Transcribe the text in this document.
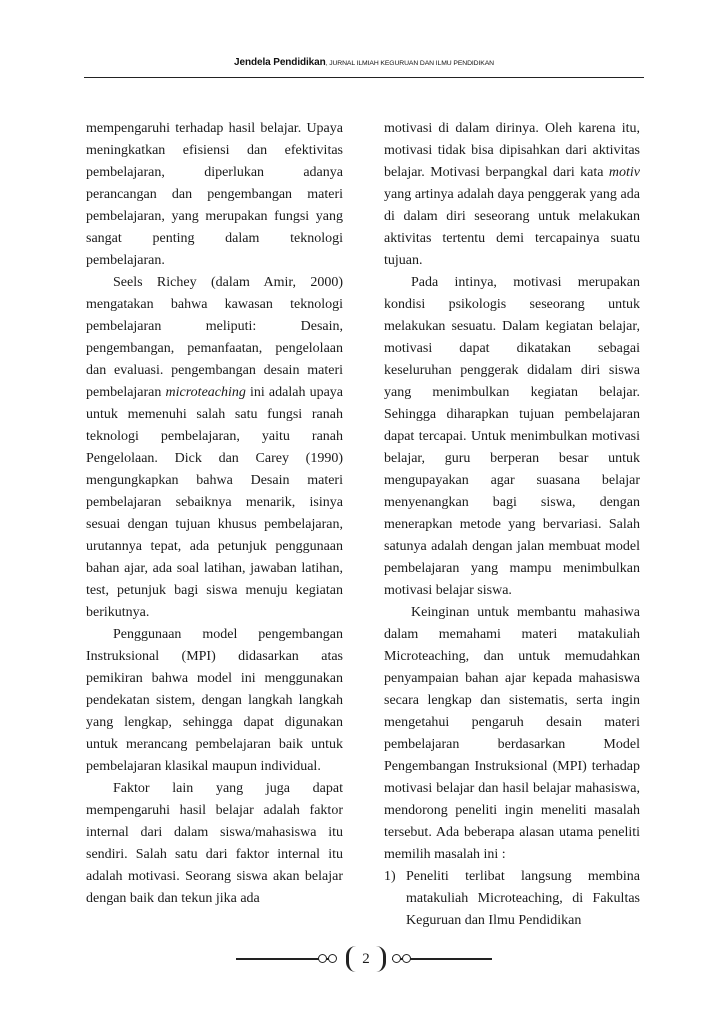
Jendela Pendidikan, JURNAL ILMIAH KEGURUAN DAN ILMU PENDIDIKAN

mempengaruhi terhadap hasil belajar. Upaya meningkatkan efisiensi dan efektivitas pembelajaran, diperlukan adanya perancangan dan pengembangan materi pembelajaran, yang merupakan fungsi yang sangat penting dalam teknologi pembelajaran.

Seels Richey (dalam Amir, 2000) mengatakan bahwa kawasan teknologi pembelajaran meliputi: Desain, pengembangan, pemanfaatan, pengelolaan dan evaluasi. pengembangan desain materi pembelajaran microteaching ini adalah upaya untuk memenuhi salah satu fungsi ranah teknologi pembelajaran, yaitu ranah Pengelolaan. Dick dan Carey (1990) mengungkapkan bahwa Desain materi pembelajaran sebaiknya menarik, isinya sesuai dengan tujuan khusus pembelajaran, urutannya tepat, ada petunjuk penggunaan bahan ajar, ada soal latihan, jawaban latihan, test, petunjuk bagi siswa menuju kegiatan berikutnya.

Penggunaan model pengembangan Instruksional (MPI) didasarkan atas pemikiran bahwa model ini menggunakan pendekatan sistem, dengan langkah langkah yang lengkap, sehingga dapat digunakan untuk merancang pembelajaran baik untuk pembelajaran klasikal maupun individual.

Faktor lain yang juga dapat mempengaruhi hasil belajar adalah faktor internal dari dalam siswa/mahasiswa itu sendiri. Salah satu dari faktor internal itu adalah motivasi. Seorang siswa akan belajar dengan baik dan tekun jika ada

motivasi di dalam dirinya. Oleh karena itu, motivasi tidak bisa dipisahkan dari aktivitas belajar. Motivasi berpangkal dari kata motiv yang artinya adalah daya penggerak yang ada di dalam diri seseorang untuk melakukan aktivitas tertentu demi tercapainya suatu tujuan.

Pada intinya, motivasi merupakan kondisi psikologis seseorang untuk melakukan sesuatu. Dalam kegiatan belajar, motivasi dapat dikatakan sebagai keseluruhan penggerak didalam diri siswa yang menimbulkan kegiatan belajar. Sehingga diharapkan tujuan pembelajaran dapat tercapai. Untuk menimbulkan motivasi belajar, guru berperan besar untuk mengupayakan agar suasana belajar menyenangkan bagi siswa, dengan menerapkan metode yang bervariasi. Salah satunya adalah dengan jalan membuat model pembelajaran yang mampu menimbulkan motivasi belajar siswa.

Keinginan untuk membantu mahasiwa dalam memahami materi matakuliah Microteaching, dan untuk memudahkan penyampaian bahan ajar kepada mahasiswa secara lengkap dan sistematis, serta ingin mengetahui pengaruh desain materi pembelajaran berdasarkan Model Pengembangan Instruksional (MPI) terhadap motivasi belajar dan hasil belajar mahasiswa, mendorong peneliti ingin meneliti masalah tersebut. Ada beberapa alasan utama peneliti memilih masalah ini :

1) Peneliti terlibat langsung membina matakuliah Microteaching, di Fakultas Keguruan dan Ilmu Pendidikan
2
